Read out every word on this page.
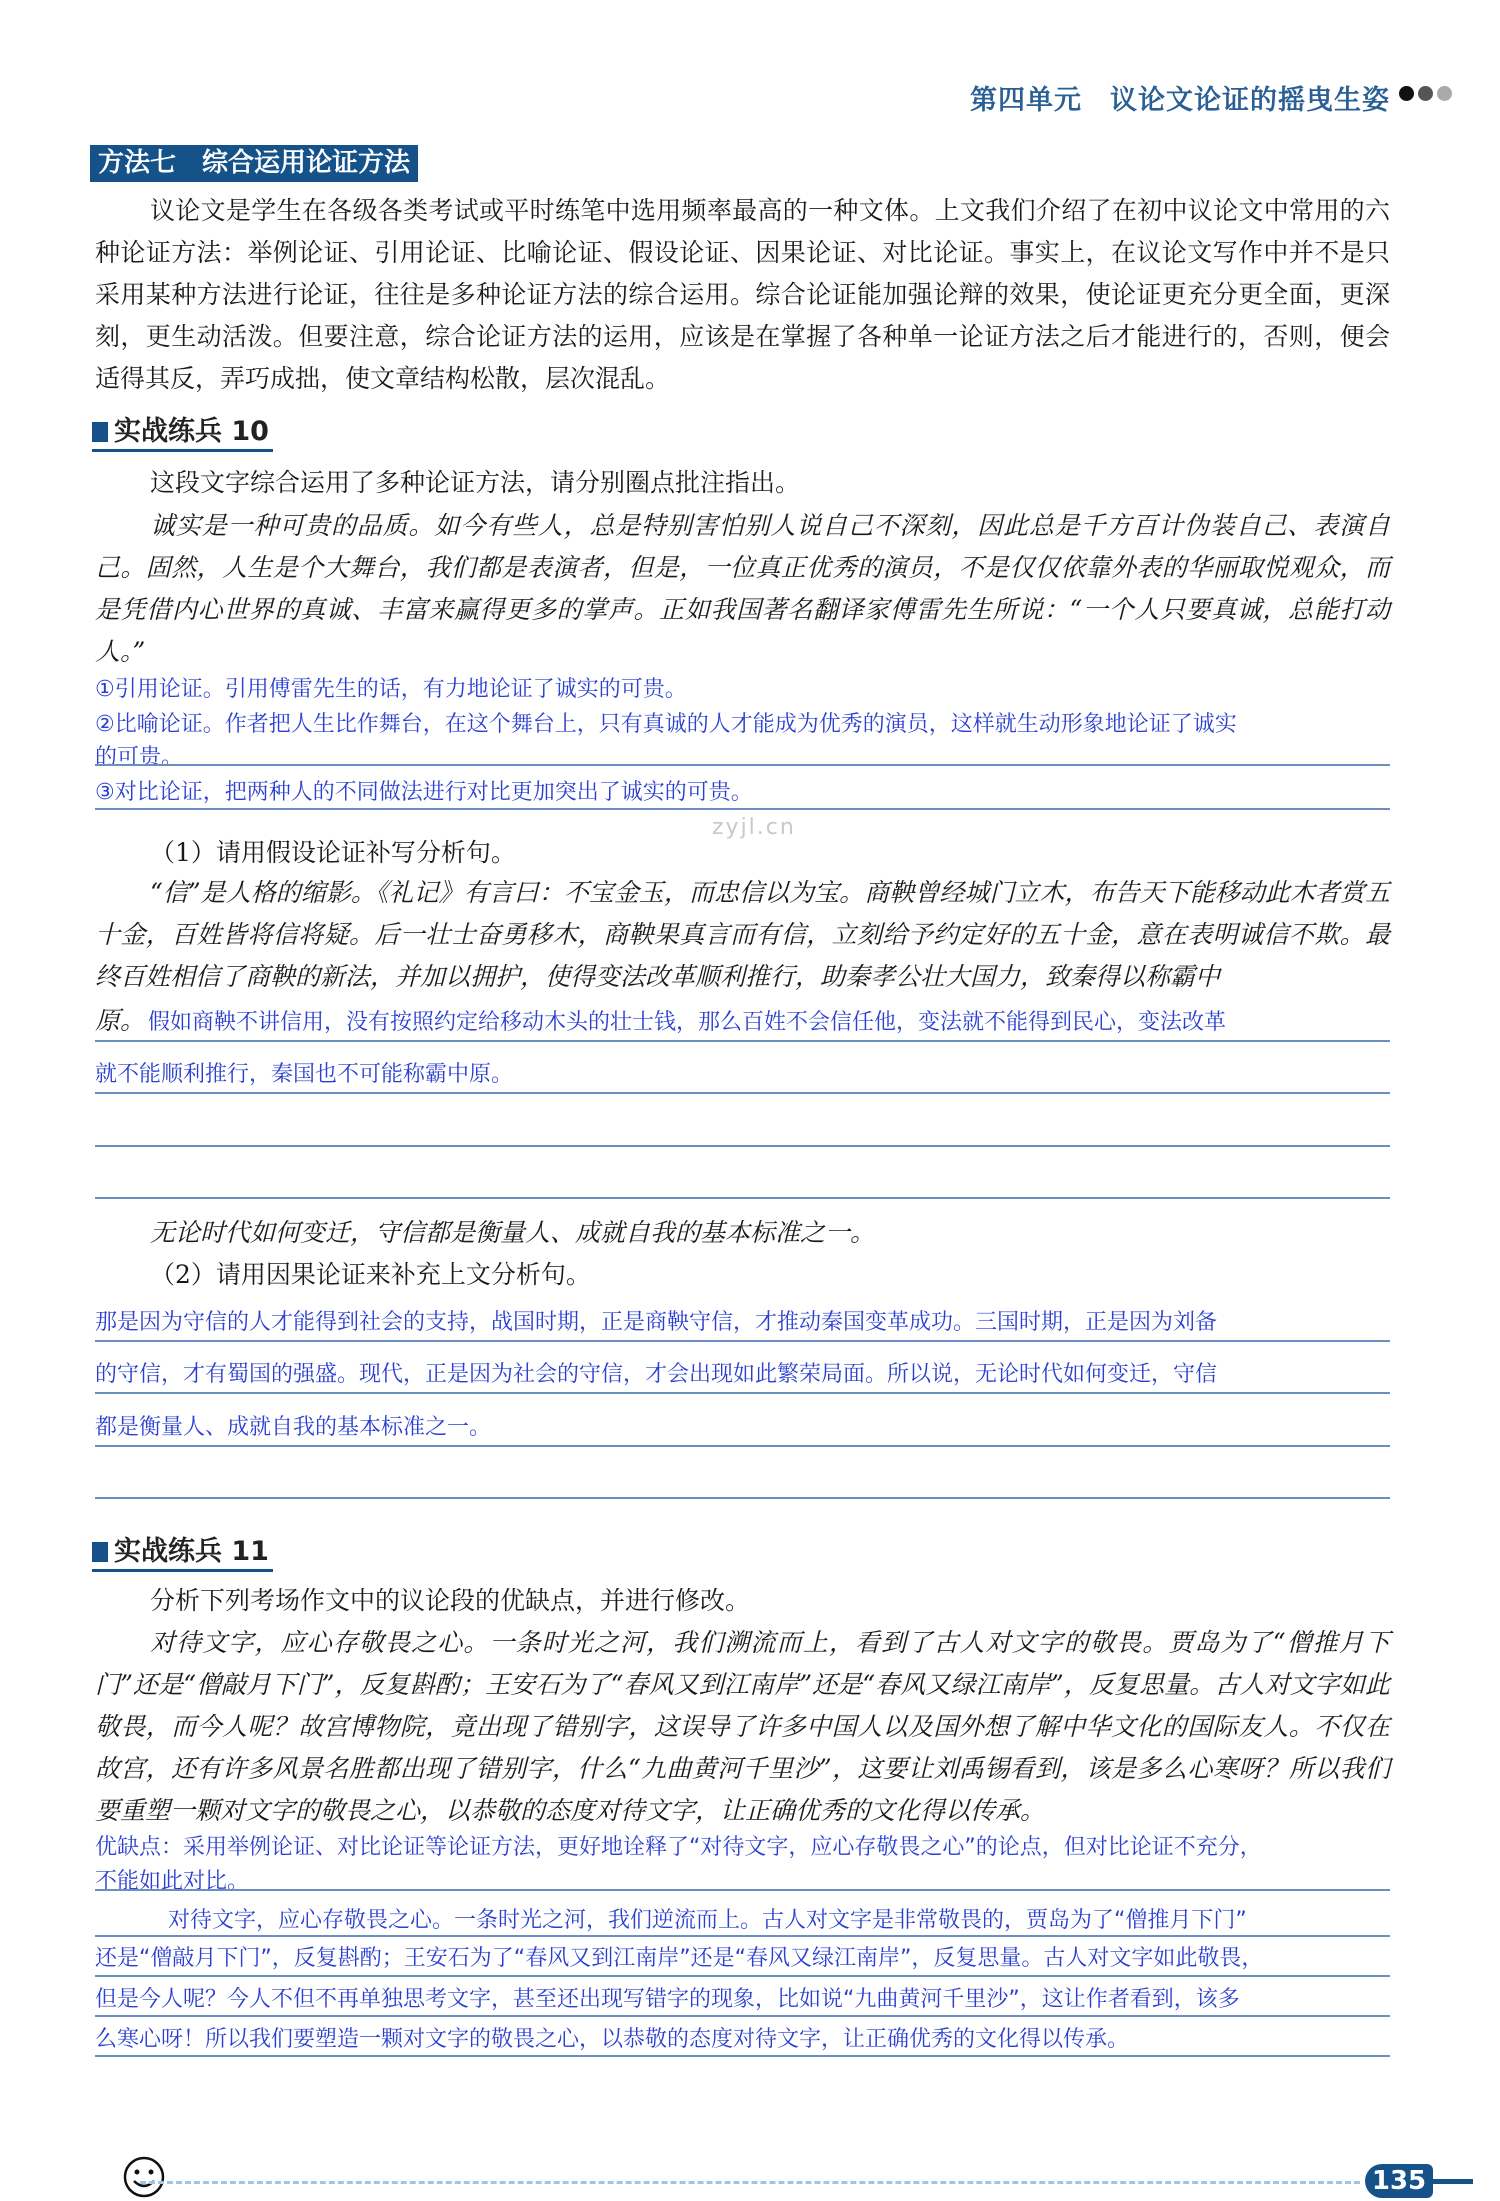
第四单元　议论文论证的摇曳生姿
方法七　综合运用论证方法
议论文是学生在各级各类考试或平时练笔中选用频率最高的一种文体。上文我们介绍了在初中议论文中常用的六种论证方法：举例论证、引用论证、比喻论证、假设论证、因果论证、对比论证。事实上，在议论文写作中并不是只采用某种方法进行论证，往往是多种论证方法的综合运用。综合论证能加强论辩的效果，使论证更充分更全面，更深刻，更生动活泼。但要注意，综合论证方法的运用，应该是在掌握了各种单一论证方法之后才能进行的，否则，便会适得其反，弄巧成拙，使文章结构松散，层次混乱。
实战练兵 10
这段文字综合运用了多种论证方法，请分别圈点批注指出。
诚实是一种可贵的品质。如今有些人，总是特别害怕别人说自己不深刻，因此总是千方百计伪装自己、表演自己。固然，人生是个大舞台，我们都是表演者，但是，一位真正优秀的演员，不是仅仅依靠外表的华丽取悦观众，而是凭借内心世界的真诚、丰富来赢得更多的掌声。正如我国著名翻译家傅雷先生所说：“一个人只要真诚，总能打动人。”
①引用论证。引用傅雷先生的话，有力地论证了诚实的可贵。
②比喻论证。作者把人生比作舞台，在这个舞台上，只有真诚的人才能成为优秀的演员，这样就生动形象地论证了诚实
的可贵。
③对比论证，把两种人的不同做法进行对比更加突出了诚实的可贵。
zyjl.cn
（1）请用假设论证补写分析句。
“信”是人格的缩影。《礼记》有言曰：不宝金玉，而忠信以为宝。商鞅曾经城门立木，布告天下能移动此木者赏五十金，百姓皆将信将疑。后一壮士奋勇移木，商鞅果真言而有信，立刻给予约定好的五十金，意在表明诚信不欺。最终百姓相信了商鞅的新法，并加以拥护，使得变法改革顺利推行，助秦孝公壮大国力，致秦得以称霸中
原。 假如商鞅不讲信用，没有按照约定给移动木头的壮士钱，那么百姓不会信任他，变法就不能得到民心，变法改革
就不能顺利推行，秦国也不可能称霸中原。
无论时代如何变迁，守信都是衡量人、成就自我的基本标准之一。
（2）请用因果论证来补充上文分析句。
那是因为守信的人才能得到社会的支持，战国时期，正是商鞅守信，才推动秦国变革成功。三国时期，正是因为刘备
的守信，才有蜀国的强盛。现代，正是因为社会的守信，才会出现如此繁荣局面。所以说，无论时代如何变迁，守信
都是衡量人、成就自我的基本标准之一。
实战练兵 11
分析下列考场作文中的议论段的优缺点，并进行修改。
对待文字，应心存敬畏之心。一条时光之河，我们溯流而上，看到了古人对文字的敬畏。贾岛为了“僧推月下门”还是“僧敲月下门”，反复斟酌；王安石为了“春风又到江南岸”还是“春风又绿江南岸”，反复思量。古人对文字如此敬畏，而今人呢？故宫博物院，竟出现了错别字，这误导了许多中国人以及国外想了解中华文化的国际友人。不仅在故宫，还有许多风景名胜都出现了错别字，什么“九曲黄河千里沙”，这要让刘禹锡看到，该是多么心寒呀？所以我们要重塑一颗对文字的敬畏之心，以恭敬的态度对待文字，让正确优秀的文化得以传承。
优缺点：采用举例论证、对比论证等论证方法，更好地诠释了“对待文字，应心存敬畏之心”的论点，但对比论证不充分，
不能如此对比。
对待文字，应心存敬畏之心。一条时光之河，我们逆流而上。古人对文字是非常敬畏的，贾岛为了“僧推月下门”
还是“僧敲月下门”，反复斟酌；王安石为了“春风又到江南岸”还是“春风又绿江南岸”，反复思量。古人对文字如此敬畏，
但是今人呢？今人不但不再单独思考文字，甚至还出现写错字的现象，比如说“九曲黄河千里沙”，这让作者看到，该多
么寒心呀！所以我们要塑造一颗对文字的敬畏之心，以恭敬的态度对待文字，让正确优秀的文化得以传承。
135
